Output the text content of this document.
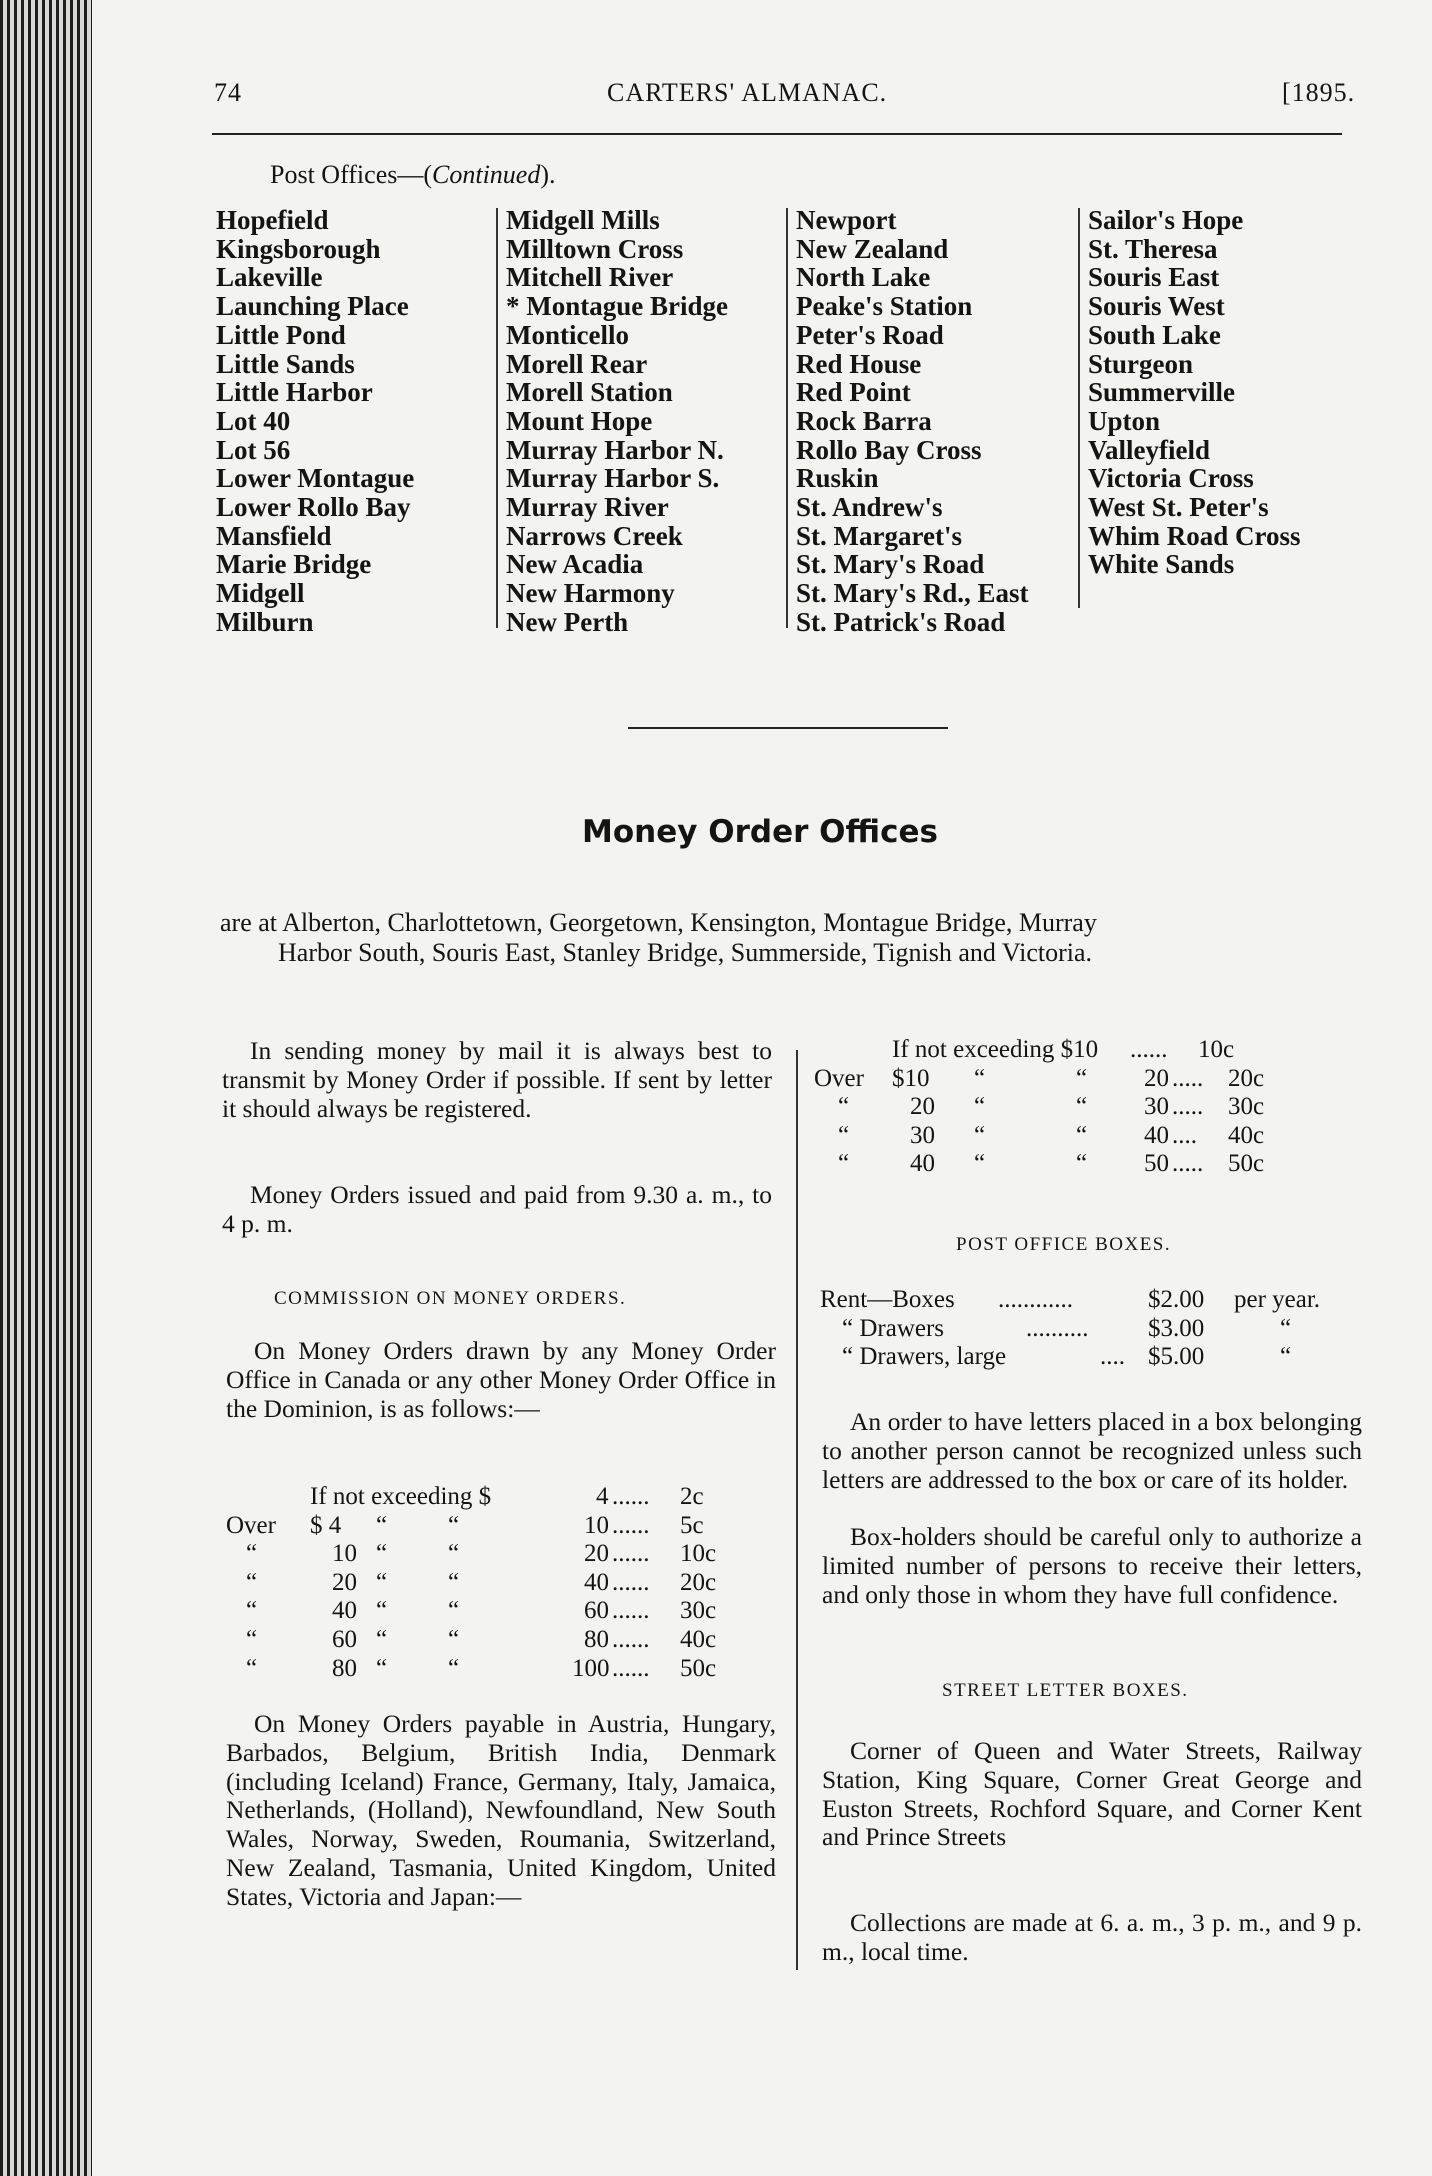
74	CARTERS' ALMANAC.	[1895.
Post Offices—(Continued).
Hopefield
Kingsborough
Lakeville
Launching Place
Little Pond
Little Sands
Little Harbor
Lot 40
Lot 56
Lower Montague
Lower Rollo Bay
Mansfield
Marie Bridge
Midgell
Milburn
Midgell Mills
Milltown Cross
Mitchell River
* Montague Bridge
Monticello
Morell Rear
Morell Station
Mount Hope
Murray Harbor N.
Murray Harbor S.
Murray River
Narrows Creek
New Acadia
New Harmony
New Perth
Newport
New Zealand
North Lake
Peake's Station
Peter's Road
Red House
Red Point
Rock Barra
Rollo Bay Cross
Ruskin
St. Andrew's
St. Margaret's
St. Mary's Road
St. Mary's Rd., East
St. Patrick's Road
Sailor's Hope
St. Theresa
Souris East
Souris West
South Lake
Sturgeon
Summerville
Upton
Valleyfield
Victoria Cross
West St. Peter's
Whim Road Cross
White Sands
Money Order Offices
are at Alberton, Charlottetown, Georgetown, Kensington, Montague Bridge, Murray
Harbor South, Souris East, Stanley Bridge, Summerside, Tignish and Victoria.
In sending money by mail it is always best to transmit by Money Order if possible. If sent by letter it should always be registered.
Money Orders issued and paid from 9.30 a. m., to 4 p. m.
COMMISSION ON MONEY ORDERS.
On Money Orders drawn by any Money Order Office in Canada or any other Money Order Office in the Dominion, is as follows:—
If not exceeding $	4 ...... 2c
Over $ 4 “ “	10 ...... 5c
“	10 “ “	20 ...... 10c
“	20 “ “	40 ...... 20c
“	40 “ “	60 ...... 30c
“	60 “ “	80 ...... 40c
“	80 “ “	100 ...... 50c
On Money Orders payable in Austria, Hungary, Barbados, Belgium, British India, Denmark (including Iceland) France, Germany, Italy, Jamaica, Netherlands, (Holland), Newfoundland, New South Wales, Norway, Sweden, Roumania, Switzerland, New Zealand, Tasmania, United Kingdom, United States, Victoria and Japan:—
If not exceeding $10 ...... 10c
Over $10 “	“ 20 ..... 20c
“ 20 “	“ 30 ..... 30c
“ 30 “	“ 40 .... 40c
“ 40 “	“ 50 ..... 50c
POST OFFICE BOXES.
Rent—Boxes ............	$2.00 per year.
“ Drawers	.......... $3.00	“
“ Drawers, large	.... $5.00	“
An order to have letters placed in a box belonging to another person cannot be recognized unless such letters are addressed to the box or care of its holder.
Box-holders should be careful only to authorize a limited number of persons to receive their letters, and only those in whom they have full confidence.
STREET LETTER BOXES.
Corner of Queen and Water Streets, Railway Station, King Square, Corner Great George and Euston Streets, Rochford Square, and Corner Kent and Prince Streets
Collections are made at 6. a. m., 3 p. m., and 9 p. m., local time.
